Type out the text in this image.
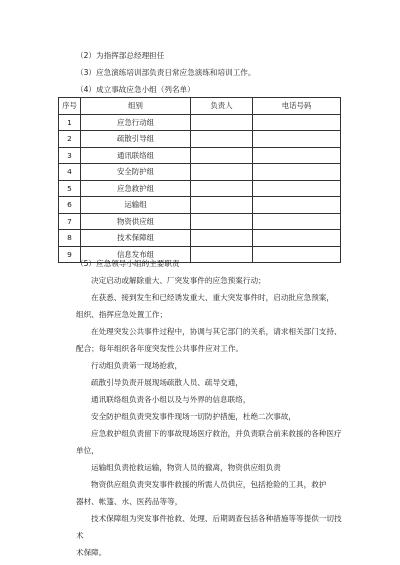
（2）为指挥部总经理担任
（3）应急演练培训部负责日常应急演练和培训工作。
（4）成立事故应急小组（列名单）
序号	组别	负责人	电话号码
1	应急行动组		
2	疏散引导组		
3	通讯联络组		
4	安全防护组		
5	应急救护组		
6	运输组		
7	物资供应组		
8	技术保障组		
9	信息发布组		
（5）应急领导小组的主要职责
决定启动或解除重大、厂突发事件的应急预案行动；
在获悉、接到发生和已经诱发重大、重大突发事件时，启动批应急预案，
组织、指挥应急处置工作；
在处理突发公共事件过程中，协调与其它部门的关系，请求相关部门支持、
配合；每年组织各年度突发性公共事件应对工作。
行动组负责第一现场抢救，
疏散引导负责开展现场疏散人员、疏导交通，
通讯联络组负责各小组以及与外界的信息联络，
安全防护组负责突发事件现场一切防护措施，杜绝二次事故，
应急救护组负责留下的事故现场医疗救治，并负责联合前来救援的各种医疗单位，
运输组负责抢救运输，物资人员的撤离，物资供应组负责
物资供应组负责突发事件救援的所需人员供应，包括抢险的工具，救护
器材、帐篷、水、医药品等等，
技术保障组为突发事件抢救、处理、后期调查包括各种措施等等提供一切技术
术保障。
